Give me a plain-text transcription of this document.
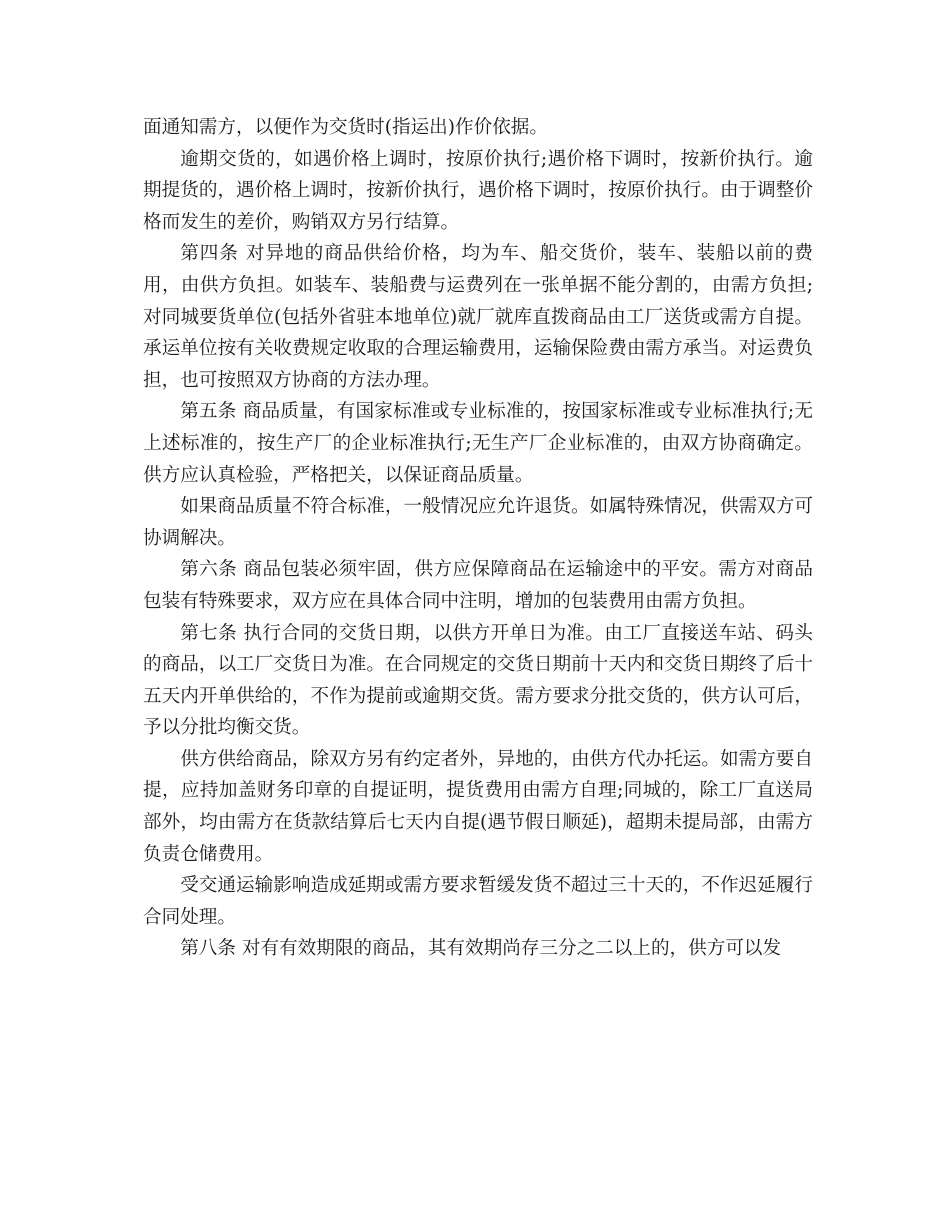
面通知需方，以便作为交货时(指运出)作价依据。

逾期交货的，如遇价格上调时，按原价执行;遇价格下调时，按新价执行。逾期提货的，遇价格上调时，按新价执行，遇价格下调时，按原价执行。由于调整价格而发生的差价，购销双方另行结算。

第四条 对异地的商品供给价格，均为车、船交货价，装车、装船以前的费用，由供方负担。如装车、装船费与运费列在一张单据不能分割的，由需方负担;对同城要货单位(包括外省驻本地单位)就厂就库直拨商品由工厂送货或需方自提。承运单位按有关收费规定收取的合理运输费用，运输保险费由需方承当。对运费负担，也可按照双方协商的方法办理。

第五条 商品质量，有国家标准或专业标准的，按国家标准或专业标准执行;无上述标准的，按生产厂的企业标准执行;无生产厂企业标准的，由双方协商确定。供方应认真检验，严格把关，以保证商品质量。

如果商品质量不符合标准，一般情况应允许退货。如属特殊情况，供需双方可协调解决。

第六条 商品包装必须牢固，供方应保障商品在运输途中的平安。需方对商品包装有特殊要求，双方应在具体合同中注明，增加的包装费用由需方负担。

第七条 执行合同的交货日期，以供方开单日为准。由工厂直接送车站、码头的商品，以工厂交货日为准。在合同规定的交货日期前十天内和交货日期终了后十五天内开单供给的，不作为提前或逾期交货。需方要求分批交货的，供方认可后，予以分批均衡交货。

供方供给商品，除双方另有约定者外，异地的，由供方代办托运。如需方要自提，应持加盖财务印章的自提证明，提货费用由需方自理;同城的，除工厂直送局部外，均由需方在货款结算后七天内自提(遇节假日顺延)，超期未提局部，由需方负责仓储费用。

受交通运输影响造成延期或需方要求暂缓发货不超过三十天的，不作迟延履行合同处理。

第八条 对有有效期限的商品，其有效期尚存三分之二以上的，供方可以发
